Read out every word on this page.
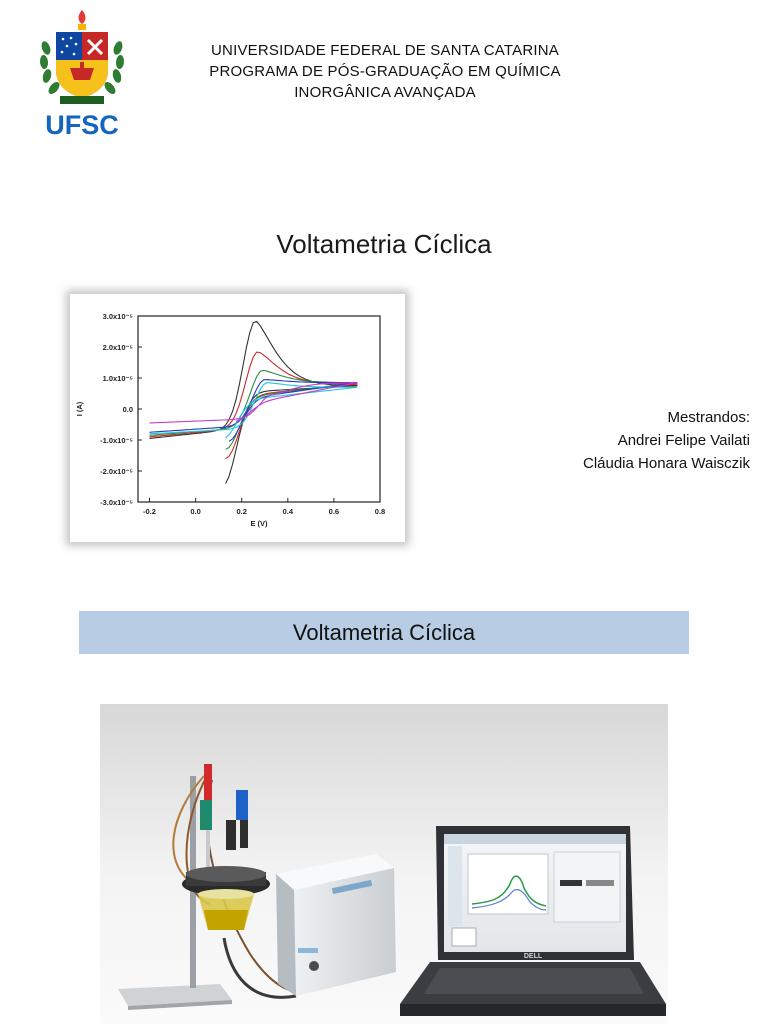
UFSC
UNIVERSIDADE FEDERAL DE SANTA CATARINA
PROGRAMA DE PÓS-GRADUAÇÃO EM QUÍMICA
INORGÂNICA AVANÇADA
Voltametria Cíclica
3.0x10⁻⁵
2.0x10⁻⁵
1.0x10⁻⁵
0.0
-1.0x10⁻⁵
-2.0x10⁻⁵
-3.0x10⁻⁵
-0.2	0.0	0.2	0.4	0.6	0.8
E (V)
I (A)	Mestrandos:
Andrei Felipe Vailati
Cláudia Honara Waisczik
Voltametria Cíclica
DELL
